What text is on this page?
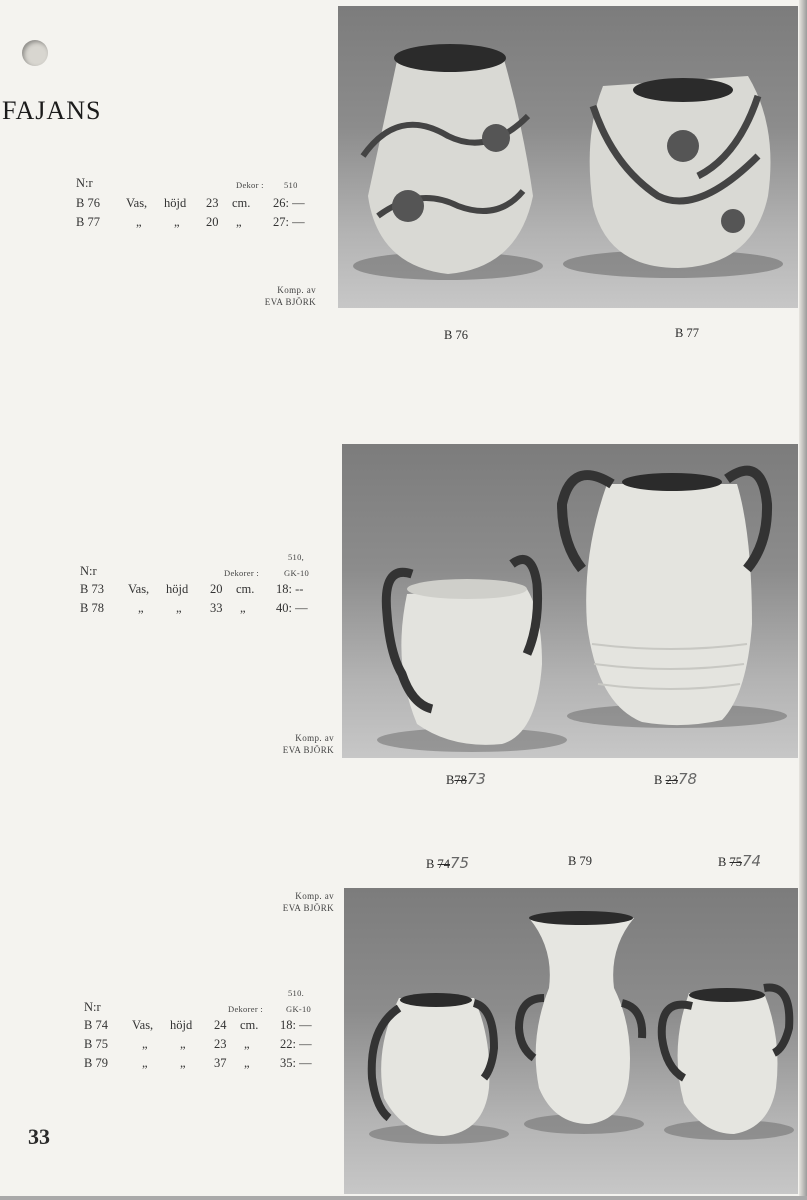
FAJANS
N:r	Dekor : 510
B 76 Vas, höjd 23 cm. 26: —
B 77	„	„ 20 „	27: —
Komp. av
EVA BJÖRK
B 76	B 77
510,
N:r	Dekorer :	GK-10
B 73 Vas, höjd 20 cm. 18: --
B 78	„	„ 33 „ 40: —
Komp. av
EVA BJÖRK
B7873	B 2378
B 7475	B 79	B 7574
Komp. av
EVA BJÖRK
510.
N:r	Dekorer :	GK-10
B 74 Vas, höjd 24 cm. 18: —
B 75	„	„ 23 „ 22: —
B 79	„	„ 37 „ 35: —
33
